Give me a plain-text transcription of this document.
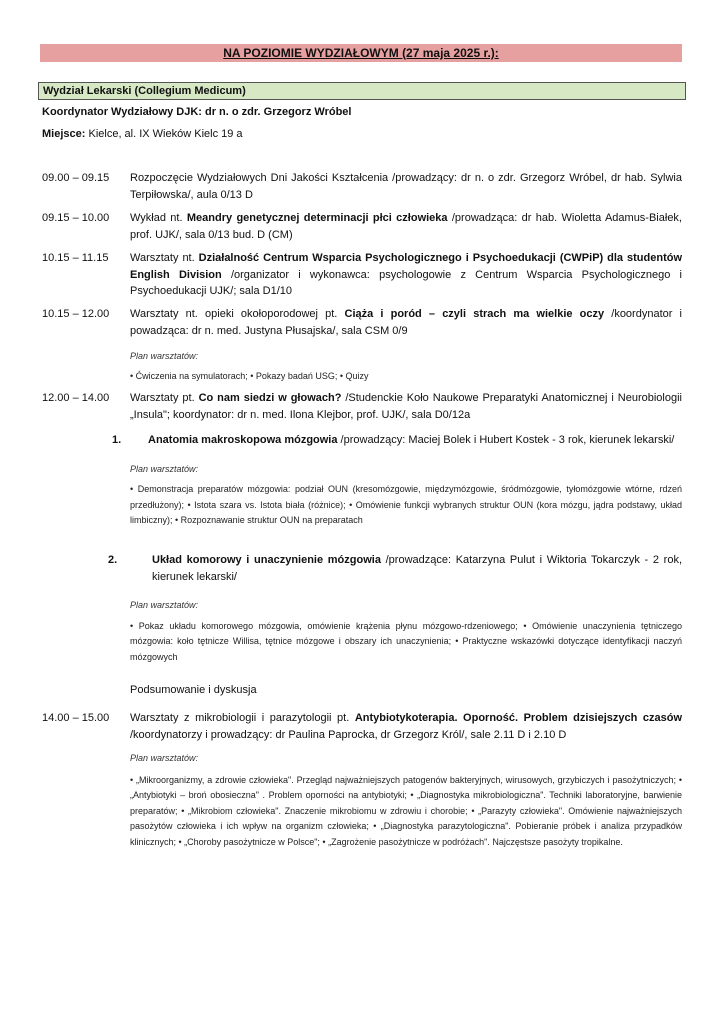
NA POZIOMIE WYDZIAŁOWYM (27 maja 2025 r.):
Wydział Lekarski (Collegium Medicum)
Koordynator Wydziałowy DJK: dr n. o zdr. Grzegorz Wróbel
Miejsce: Kielce, al. IX Wieków Kielc 19 a
09.00 – 09.15	Rozpoczęcie Wydziałowych Dni Jakości Kształcenia /prowadzący: dr n. o zdr. Grzegorz Wróbel, dr hab. Sylwia Terpiłowska/, aula 0/13 D
09.15 – 10.00	Wykład nt. Meandry genetycznej determinacji płci człowieka /prowadząca: dr hab. Wioletta Adamus-Białek, prof. UJK/, sala 0/13 bud. D (CM)
10.15 – 11.15	Warsztaty nt. Działalność Centrum Wsparcia Psychologicznego i Psychoedukacji (CWPiP) dla studentów English Division /organizator i wykonawca: psychologowie z Centrum Wsparcia Psychologicznego i Psychoedukacji UJK/; sala D1/10
10.15 – 12.00	Warsztaty nt. opieki okołoporodowej pt. Ciąża i poród – czyli strach ma wielkie oczy /koordynator i powadząca: dr n. med. Justyna Płusajska/, sala CSM 0/9
Plan warsztatów:
• Ćwiczenia na symulatorach; • Pokazy badań USG; • Quizy
12.00 – 14.00	Warsztaty pt. Co nam siedzi w głowach? /Studenckie Koło Naukowe Preparatyki Anatomicznej i Neurobiologii „Insula"; koordynator: dr n. med. Ilona Klejbor, prof. UJK/, sala D0/12a
1. Anatomia makroskopowa mózgowia /prowadzący: Maciej Bolek i Hubert Kostek - 3 rok, kierunek lekarski/
Plan warsztatów:
• Demonstracja preparatów mózgowia: podział OUN (kresomózgowie, międzymózgowie, śródmózgowie, tyłomózgowie wtórne, rdzeń przedłużony); • Istota szara vs. Istota biała (różnice); • Omówienie funkcji wybranych struktur OUN (kora mózgu, jądra podstawy, układ limbiczny); • Rozpoznawanie struktur OUN na preparatach
2.	Układ komorowy i unaczynienie mózgowia /prowadzące: Katarzyna Pulut i Wiktoria Tokarczyk - 2 rok, kierunek lekarski/
Plan warsztatów:
• Pokaz układu komorowego mózgowia, omówienie krążenia płynu mózgowo-rdzeniowego; • Omówienie unaczynienia tętniczego mózgowia: koło tętnicze Willisa, tętnice mózgowe i obszary ich unaczynienia; • Praktyczne wskazówki dotyczące identyfikacji naczyń mózgowych
Podsumowanie i dyskusja
14.00 – 15.00	Warsztaty z mikrobiologii i parazytologii pt. Antybiotykoterapia. Oporność. Problem dzisiejszych czasów /koordynatorzy i prowadzący: dr Paulina Paprocka, dr Grzegorz Król/, sale 2.11 D i 2.10 D
Plan warsztatów:
• „Mikroorganizmy, a zdrowie człowieka". Przegląd najważniejszych patogenów bakteryjnych, wirusowych, grzybiczych i pasożytniczych; • „Antybiotyki – broń obosieczna" . Problem oporności na antybiotyki; • „Diagnostyka mikrobiologiczna". Techniki laboratoryjne, barwienie preparatów; • „Mikrobiom człowieka". Znaczenie mikrobiomu w zdrowiu i chorobie; • „Parazyty człowieka". Omówienie najważniejszych pasożytów człowieka i ich wpływ na organizm człowieka; • „Diagnostyka parazytologiczna". Pobieranie próbek i analiza przypadków klinicznych; • „Choroby pasożytnicze w Polsce"; • „Zagrożenie pasożytnicze w podróżach". Najczęstsze pasożyty tropikalne.
